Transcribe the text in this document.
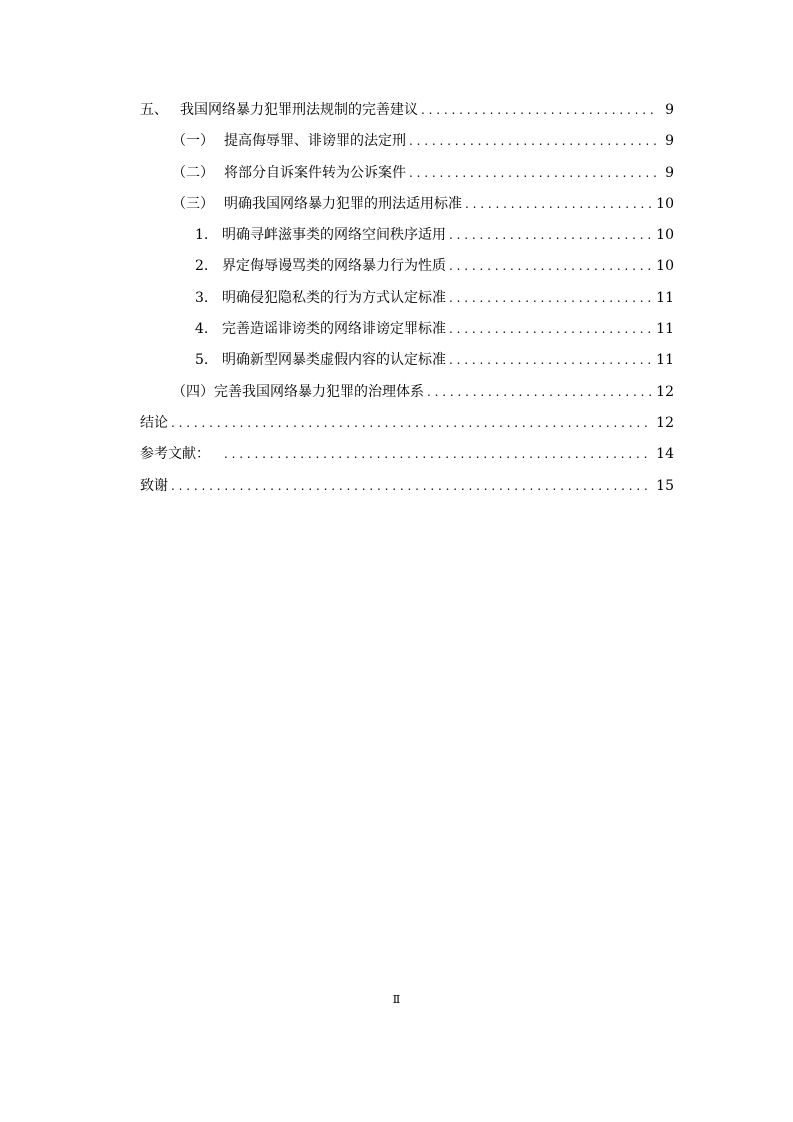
五、 我国网络暴力犯罪刑法规制的完善建议 . . .	9
（一） 提高侮辱罪、诽谤罪的法定刑 . . .	9
（二） 将部分自诉案件转为公诉案件 . . .	9
（三） 明确我国网络暴力犯罪的刑法适用标准 . . .	10
1. 明确寻衅滋事类的网络空间秩序适用 . . .	10
2. 界定侮辱谩骂类的网络暴力行为性质 . . .	10
3. 明确侵犯隐私类的行为方式认定标准 . . .	11
4. 完善造谣诽谤类的网络诽谤定罪标准 . . .	11
5. 明确新型网暴类虚假内容的认定标准 . . .	11
（四）完善我国网络暴力犯罪的治理体系 . . .	12
结论 . . .	12
参考文献： . . .	14
致谢 . . .	15
Ⅱ
